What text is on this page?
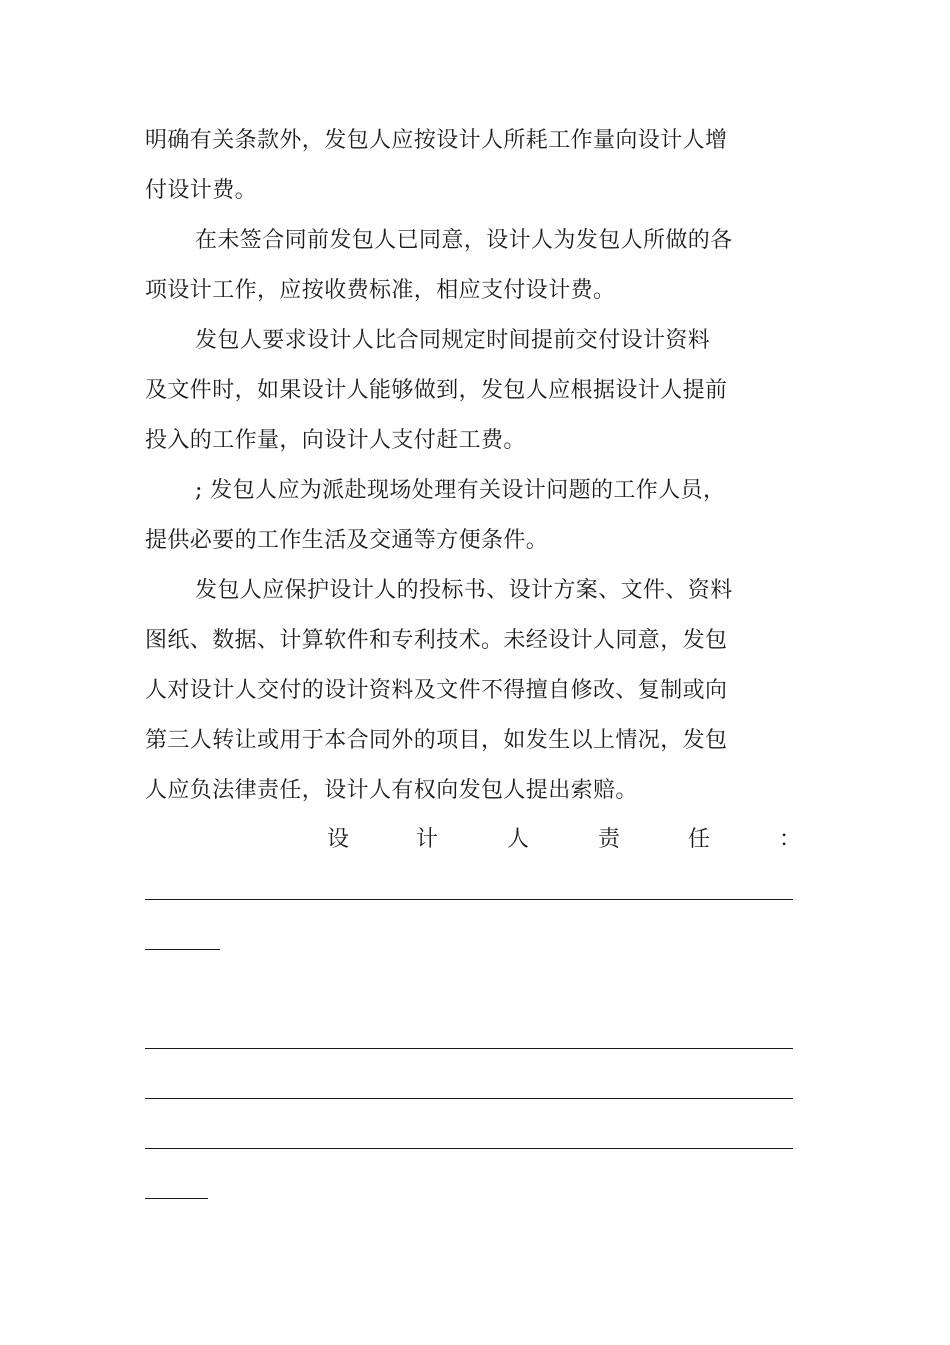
明确有关条款外，发包人应按设计人所耗工作量向设计人增
付设计费。
在未签合同前发包人已同意，设计人为发包人所做的各
项设计工作，应按收费标准，相应支付设计费。
发包人要求设计人比合同规定时间提前交付设计资料
及文件时，如果设计人能够做到，发包人应根据设计人提前
投入的工作量，向设计人支付赶工费。
; 发包人应为派赴现场处理有关设计问题的工作人员，
提供必要的工作生活及交通等方便条件。
发包人应保护设计人的投标书、设计方案、文件、资料
图纸、数据、计算软件和专利技术。未经设计人同意，发包
人对设计人交付的设计资料及文件不得擅自修改、复制或向
第三人转让或用于本合同外的项目，如发生以上情况，发包
人应负法律责任，设计人有权向发包人提出索赔。
设	计	人	责	任	：
